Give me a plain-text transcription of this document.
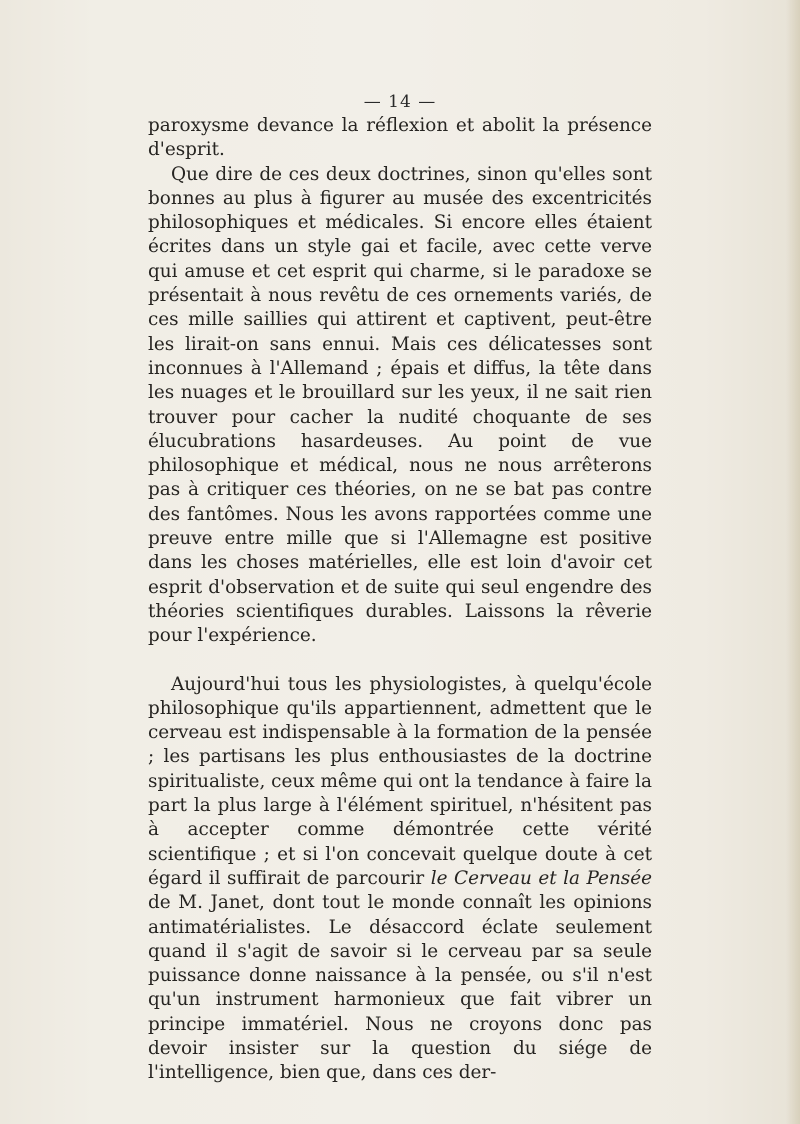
— 14 —

paroxysme devance la réflexion et abolit la présence d'esprit.

Que dire de ces deux doctrines, sinon qu'elles sont bonnes au plus à figurer au musée des excentricités philosophiques et médicales. Si encore elles étaient écrites dans un style gai et facile, avec cette verve qui amuse et cet esprit qui charme, si le paradoxe se présentait à nous revêtu de ces ornements variés, de ces mille saillies qui attirent et captivent, peut-être les lirait-on sans ennui. Mais ces délicatesses sont inconnues à l'Allemand ; épais et diffus, la tête dans les nuages et le brouillard sur les yeux, il ne sait rien trouver pour cacher la nudité choquante de ses élucubrations hasardeuses. Au point de vue philosophique et médical, nous ne nous arrêterons pas à critiquer ces théories, on ne se bat pas contre des fantômes. Nous les avons rapportées comme une preuve entre mille que si l'Allemagne est positive dans les choses matérielles, elle est loin d'avoir cet esprit d'observation et de suite qui seul engendre des théories scientifiques durables. Laissons la rêverie pour l'expérience.

Aujourd'hui tous les physiologistes, à quelqu'école philosophique qu'ils appartiennent, admettent que le cerveau est indispensable à la formation de la pensée ; les partisans les plus enthousiastes de la doctrine spiritualiste, ceux même qui ont la tendance à faire la part la plus large à l'élément spirituel, n'hésitent pas à accepter comme démontrée cette vérité scientifique ; et si l'on concevait quelque doute à cet égard il suffirait de parcourir le Cerveau et la Pensée de M. Janet, dont tout le monde connaît les opinions antimatérialistes. Le désaccord éclate seulement quand il s'agit de savoir si le cerveau par sa seule puissance donne naissance à la pensée, ou s'il n'est qu'un instrument harmonieux que fait vibrer un principe immatériel. Nous ne croyons donc pas devoir insister sur la question du siége de l'intelligence, bien que, dans ces der-
